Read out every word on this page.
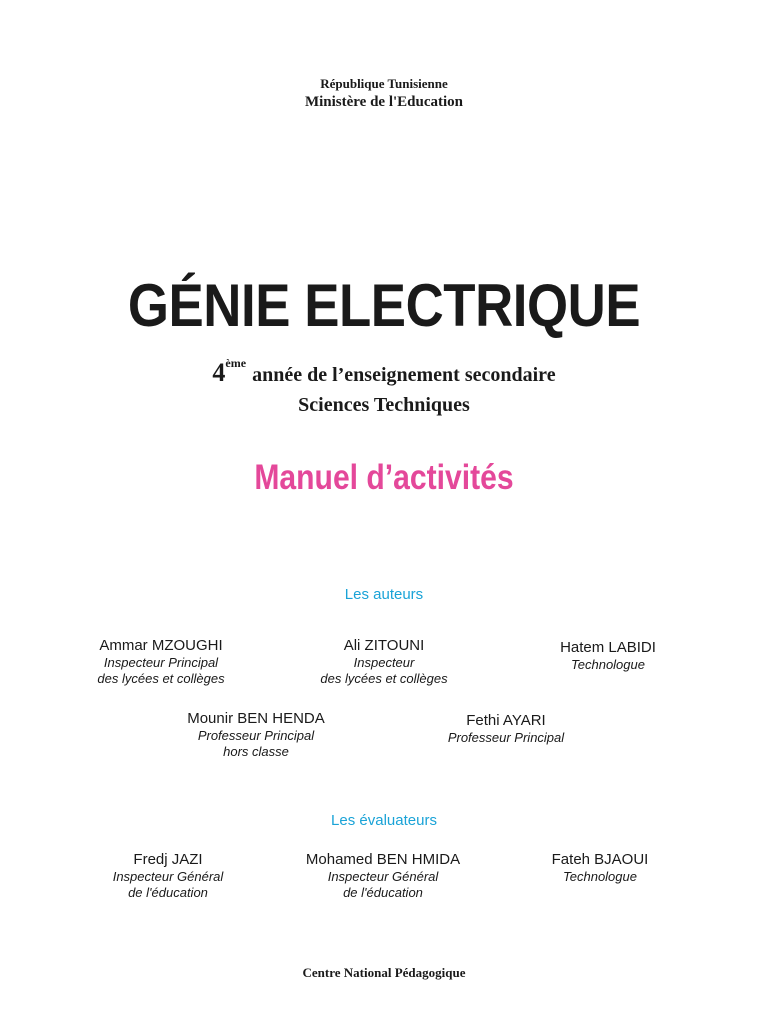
République Tunisienne
Ministère de l'Education
GÉNIE ELECTRIQUE
4èmeannée de l’enseignement secondaire
Sciences Techniques
Manuel d’activités
Les auteurs
Ammar MZOUGHI
Inspecteur Principal
des lycées et collèges
Ali ZITOUNI
Inspecteur
des lycées et collèges
Hatem LABIDI
Technologue
Mounir BEN HENDA
Professeur Principal
hors classe
Fethi AYARI
Professeur Principal
Les évaluateurs
Fredj JAZI
Inspecteur Général
de l'éducation
Mohamed BEN HMIDA
Inspecteur Général
de l'éducation
Fateh BJAOUI
Technologue
Centre National Pédagogique
